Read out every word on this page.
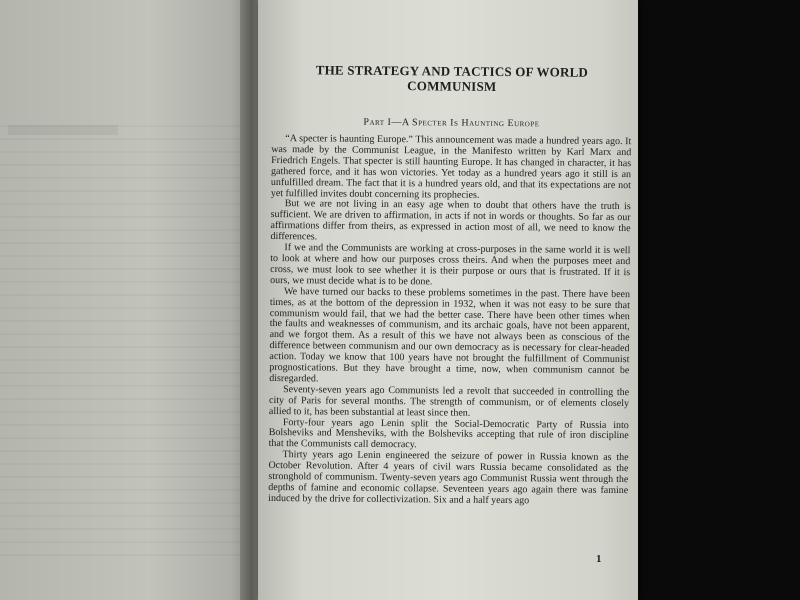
THE STRATEGY AND TACTICS OF WORLD COMMUNISM
Part I—A Specter Is Haunting Europe

“A specter is haunting Europe.” This announcement was made a hundred years ago. It was made by the Communist League, in the Manifesto written by Karl Marx and Friedrich Engels. That specter is still haunting Europe. It has changed in character, it has gathered force, and it has won victories. Yet today as a hundred years ago it still is an unfulfilled dream. The fact that it is a hundred years old, and that its expectations are not yet fulfilled invites doubt concerning its prophecies.

But we are not living in an easy age when to doubt that others have the truth is sufficient. We are driven to affirmation, in acts if not in words or thoughts. So far as our affirmations differ from theirs, as expressed in action most of all, we need to know the differences.

If we and the Communists are working at cross-purposes in the same world it is well to look at where and how our purposes cross theirs. And when the purposes meet and cross, we must look to see whether it is their purpose or ours that is frustrated. If it is ours, we must decide what is to be done.

We have turned our backs to these problems sometimes in the past. There have been times, as at the bottom of the depression in 1932, when it was not easy to be sure that communism would fail, that we had the better case. There have been other times when the faults and weaknesses of communism, and its archaic goals, have not been apparent, and we forgot them. As a result of this we have not always been as conscious of the difference between communism and our own democracy as is necessary for clear-headed action. Today we know that 100 years have not brought the fulfillment of Communist prognostications. But they have brought a time, now, when communism cannot be disregarded.

Seventy-seven years ago Communists led a revolt that succeeded in controlling the city of Paris for several months. The strength of communism, or of elements closely allied to it, has been substantial at least since then.

Forty-four years ago Lenin split the Social-Democratic Party of Russia into Bolsheviks and Mensheviks, with the Bolsheviks accepting that rule of iron discipline that the Communists call democracy.

Thirty years ago Lenin engineered the seizure of power in Russia known as the October Revolution. After 4 years of civil wars Russia became consolidated as the stronghold of communism. Twenty-seven years ago Communist Russia went through the depths of famine and economic collapse. Seventeen years ago again there was famine induced by the drive for collectivization. Six and a half years ago

1
